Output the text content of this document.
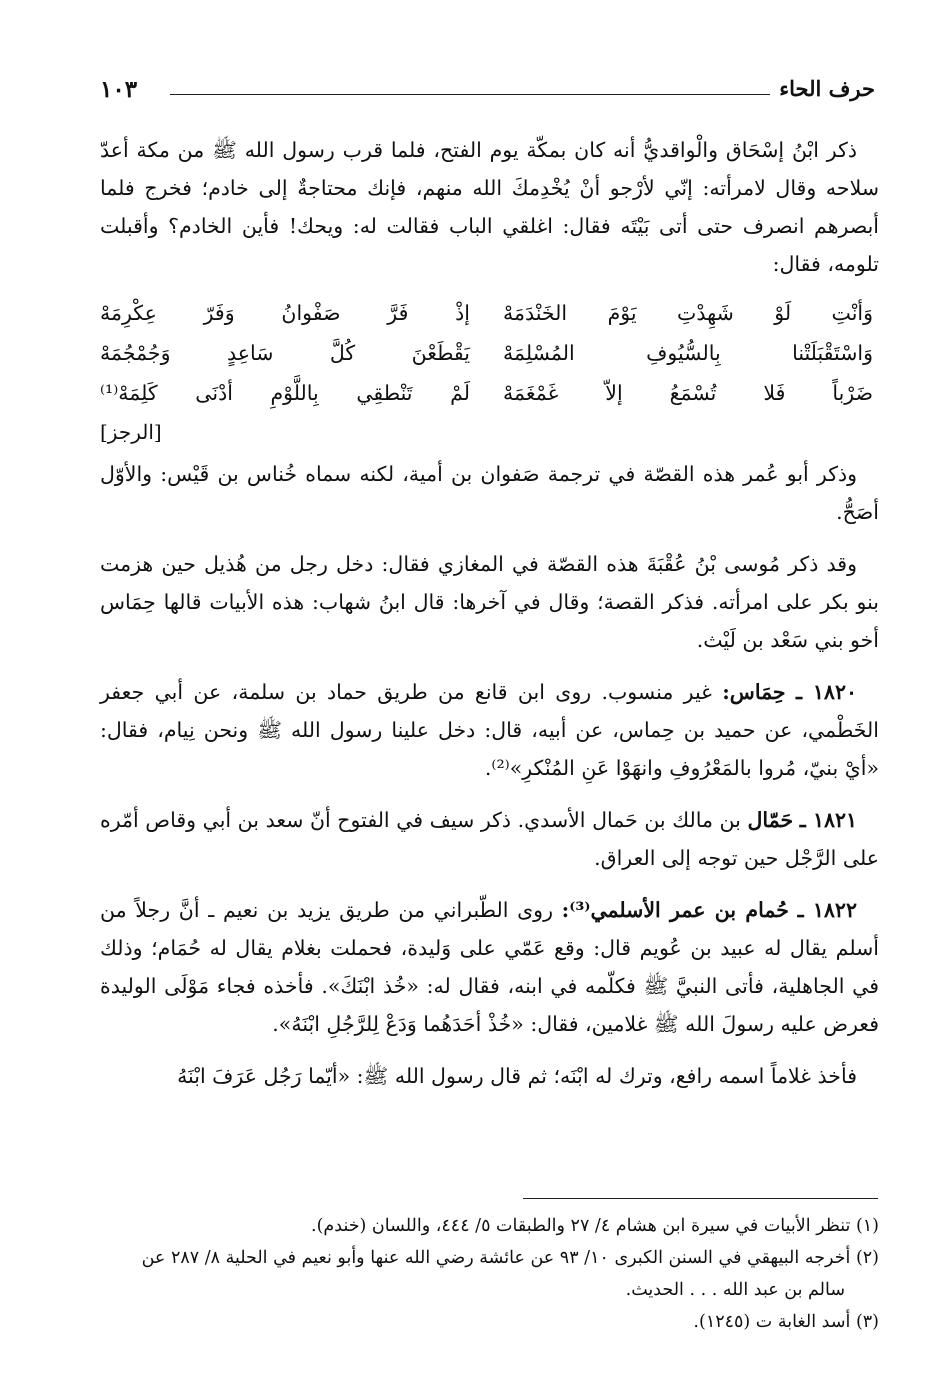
حرف الحاء
١٠٣

ذكر ابْنُ إسْحَاق والْواقديُّ أنه كان بمكّة يوم الفتح، فلما قرب رسول الله ﷺ من مكة أعدّ سلاحه وقال لامرأته: إنّي لأرْجو أنْ يُخْدِمكَ الله منهم، فإنك محتاجةٌ إلى خادم؛ فخرج فلما أبصرهم انصرف حتى أتى بَيْتَه فقال: اغلقي الباب فقالت له: ويحك! فأين الخادم؟ وأقبلت تلومه، فقال:

وَأنْتِ لَوْ شَهِدْتِ يَوْمَ الخَنْدَمَهْ
إذْ فَرَّ صَفْوانُ وَفَرّ عِكْرِمَهْ
وَاسْتَقْبَلَتْنا بِالسُّيُوفِ المُسْلِمَهْ
يَقْطَعْنَ كُلَّ سَاعِدٍ وَجُمْجُمَهْ
ضَرْباً فَلا تُسْمَعُ إلاّ غَمْغَمَهْ
لَمْ تَنْطقِي بِاللَّوْمِ أدْنَى كَلِمَهْ⁽¹⁾
[الرجز]

وذكر أبو عُمر هذه القصّة في ترجمة صَفوان بن أمية، لكنه سماه خُناس بن قَيْس: والأوّل أصَحُّ.

وقد ذكر مُوسى بْنُ عُقْبَةَ هذه القصّة في المغازي فقال: دخل رجل من هُذيل حين هزمت بنو بكر على امرأته. فذكر القصة؛ وقال في آخرها: قال ابنُ شهاب: هذه الأبيات قالها حِمَاس أخو بني سَعْد بن لَيْث.

١٨٢٠ ـ حِمَاس: غير منسوب. روى ابن قانع من طريق حماد بن سلمة، عن أبي جعفر الخَطْمي، عن حميد بن حِماس، عن أبيه، قال: دخل علينا رسول الله ﷺ ونحن نِيام، فقال: «أيْ بنيّ، مُروا بالمَعْرُوفِ وانهَوْا عَنِ المُنْكرِ»⁽²⁾.

١٨٢١ ـ حَمّال بن مالك بن حَمال الأسدي. ذكر سيف في الفتوح أنّ سعد بن أبي وقاص أمّره على الرَّجْل حين توجه إلى العراق.

١٨٢٢ ـ حُمام بن عمر الأسلمي⁽³⁾: روى الطّبراني من طريق يزيد بن نعيم ـ أنَّ رجلاً من أسلم يقال له عبيد بن عُويم قال: وقع عَمّي على وَليدة، فحملت بغلام يقال له حُمَام؛ وذلك في الجاهلية، فأتى النبيَّ ﷺ فكلّمه في ابنه، فقال له: «خُذ ابْنَكَ». فأخذه فجاء مَوْلَى الوليدة فعرض عليه رسولَ الله ﷺ غلامين، فقال: «خُذْ أحَدَهُما وَدَعْ لِلرَّجُلِ ابْنَهُ».

فأخذ غلاماً اسمه رافع، وترك له ابْنَه؛ ثم قال رسول الله ﷺ: «أيّما رَجُل عَرَفَ ابْنَهُ

(١) تنظر الأبيات في سيرة ابن هشام ٤/ ٢٧ والطبقات ٥/ ٤٤٤، واللسان (خندم).

(٢) أخرجه البيهقي في السنن الكبرى ١٠/ ٩٣ عن عائشة رضي الله عنها وأبو نعيم في الحلية ٨/ ٢٨٧ عن

سالم بن عبد الله . . . الحديث.

(٣) أسد الغابة ت (١٢٤٥).
